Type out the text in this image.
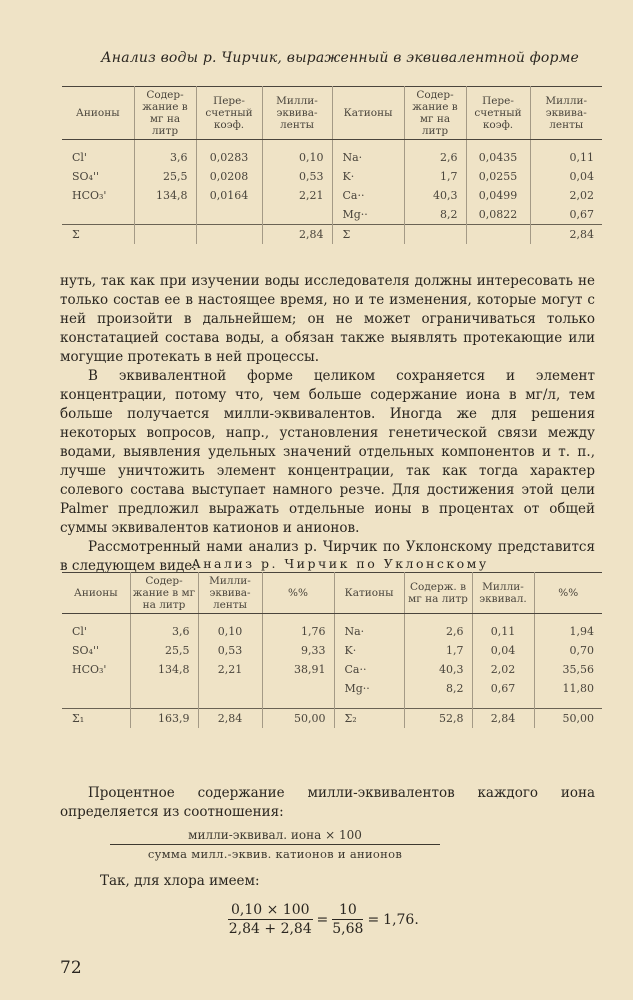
Анализ воды р. Чирчик, выраженный в эквивалентной форме
Анионы	Содер- жание в мг на литр	Пере- счетный коэф.	Милли- эквива- ленты	Катионы	Содер- жание в мг на литр	Пере- счетный коэф.	Милли- эквива- ленты

Cl'	3,6	0,0283	0,10	Na·	2,6	0,0435	0,11
SO₄''	25,5	0,0208	0,53	K·	1,7	0,0255	0,04
HCO₃'	134,8	0,0164	2,21	Ca··	40,3	0,0499	2,02
				Mg··	8,2	0,0822	0,67
Σ			2,84	Σ			2,84

нуть, так как при изучении воды исследователя должны интересовать не только состав ее в настоящее время, но и те изменения, которые могут с ней произойти в дальнейшем; он не может ограничиваться только констатацией состава воды, а обязан также выявлять протекающие или могущие протекать в ней процессы.

В эквивалентной форме целиком сохраняется и элемент концентрации, потому что, чем больше содержание иона в мг/л, тем больше получается милли-эквивалентов. Иногда же для решения некоторых вопросов, напр., установления генетической связи между водами, выявления удельных значений отдельных компонентов и т. п., лучше уничтожить элемент концентрации, так как тогда характер солевого состава выступает намного резче. Для достижения этой цели Palmer предложил выражать отдельные ионы в процентах от общей суммы эквивалентов катионов и анионов.

Рассмотренный нами анализ р. Чирчик по Уклонскому представится в следующем виде:

Анализ р. Чирчик по Уклонскому
Анионы	Содер- жание в мг на литр	Милли- эквива- ленты	%%	Катионы	Содерж. в мг на литр	Милли- эквивал.	%%

Cl'	3,6	0,10	1,76	Na·	2,6	0,11	1,94
SO₄''	25,5	0,53	9,33	K·	1,7	0,04	0,70
HCO₃'	134,8	2,21	38,91	Ca··	40,3	2,02	35,56
				Mg··	8,2	0,67	11,80

Σ₁	163,9	2,84	50,00	Σ₂	52,8	2,84	50,00

Процентное содержание милли-эквивалентов каждого иона определяется из соотношения:

милли-эквивал. иона × 100
сумма милл.-эквив. катионов и анионов

Так, для хлора имеем:

$\frac{0,10 \times 100}{2,84 + 2,84} = \frac{10}{5,68} = 1,76$.
72
